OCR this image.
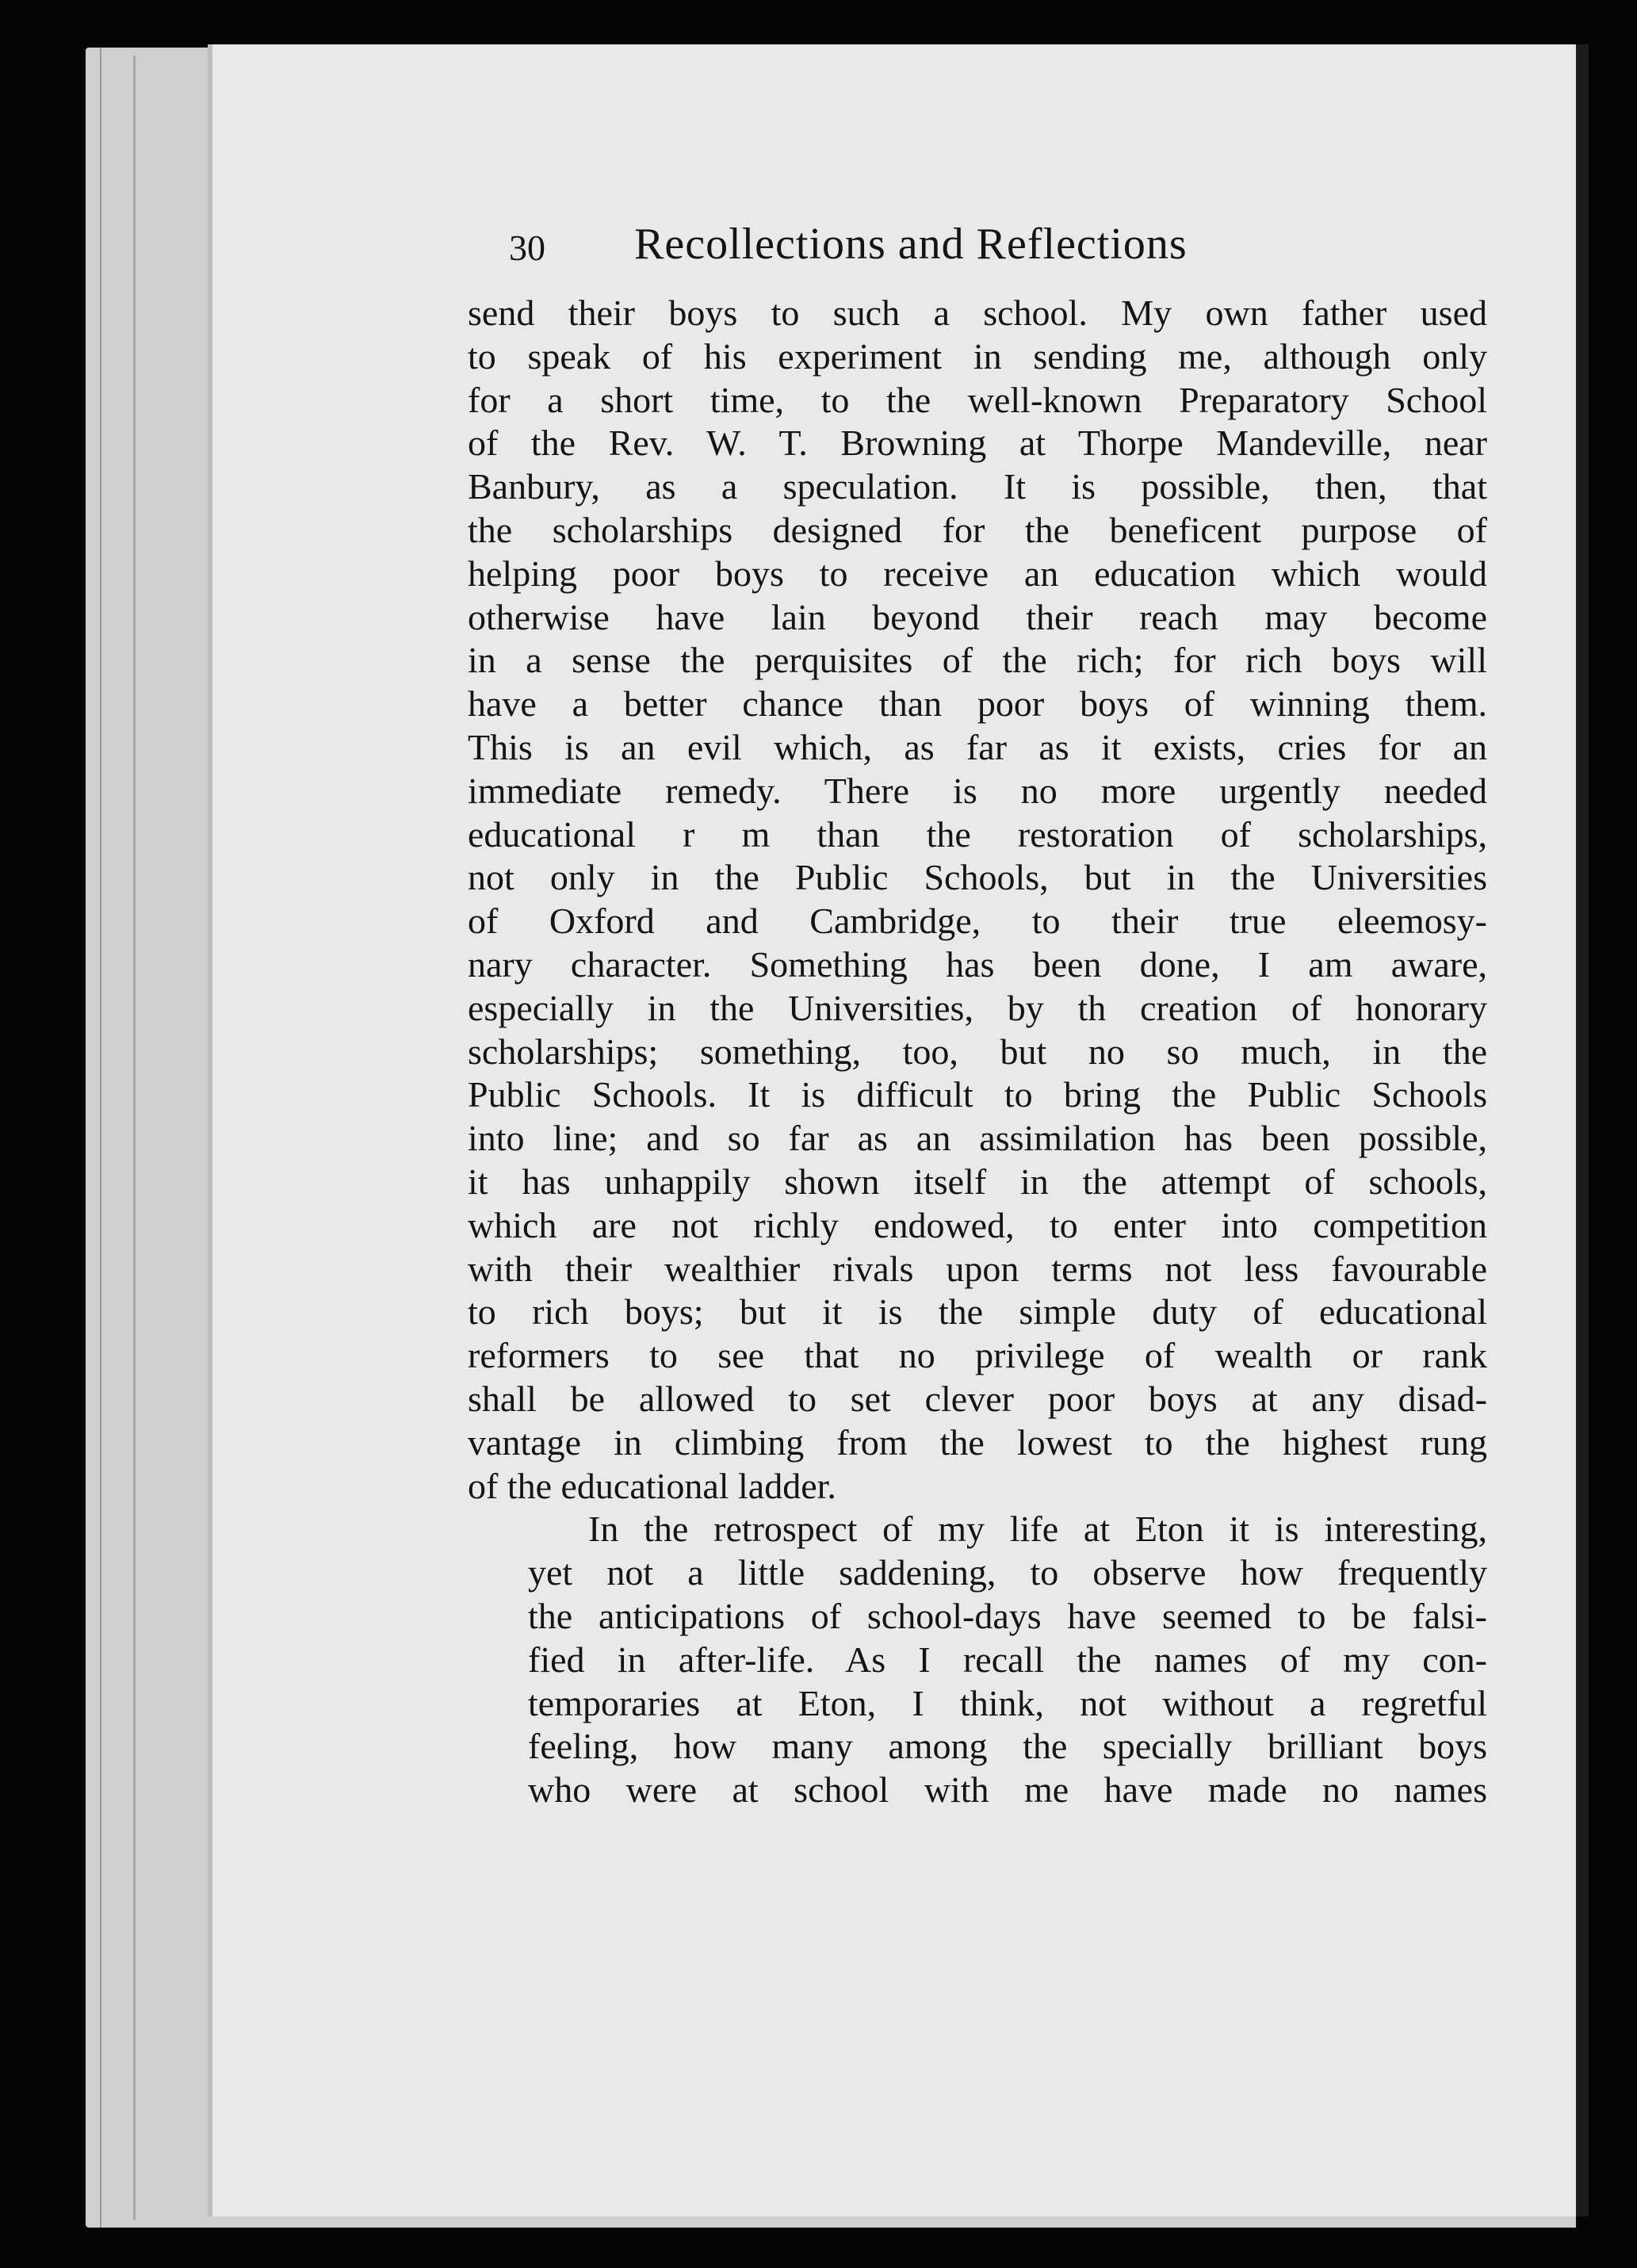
30 Recollections and Reflections

send their boys to such a school. My own father used
to speak of his experiment in sending me, although only
for a short time, to the well-known Preparatory School
of the Rev. W. T. Browning at Thorpe Mandeville, near
Banbury, as a speculation. It is possible, then, that
the scholarships designed for the beneficent purpose of
helping poor boys to receive an education which would
otherwise have lain beyond their reach may become
in a sense the perquisites of the rich; for rich boys will
have a better chance than poor boys of winning them.
This is an evil which, as far as it exists, cries for an
immediate remedy. There is no more urgently needed
educational r m than the restoration of scholarships,
not only in the Public Schools, but in the Universities
of Oxford and Cambridge, to their true eleemosy-
nary character. Something has been done, I am aware,
especially in the Universities, by th creation of honorary
scholarships; something, too, but no so much, in the
Public Schools. It is difficult to bring the Public Schools
into line; and so far as an assimilation has been possible,
it has unhappily shown itself in the attempt of schools,
which are not richly endowed, to enter into competition
with their wealthier rivals upon terms not less favourable
to rich boys; but it is the simple duty of educational
reformers to see that no privilege of wealth or rank
shall be allowed to set clever poor boys at any disad-
vantage in climbing from the lowest to the highest rung
of the educational ladder.

In the retrospect of my life at Eton it is interesting,
yet not a little saddening, to observe how frequently
the anticipations of school-days have seemed to be falsi-
fied in after-life. As I recall the names of my con-
temporaries at Eton, I think, not without a regretful
feeling, how many among the specially brilliant boys
who were at school with me have made no names
